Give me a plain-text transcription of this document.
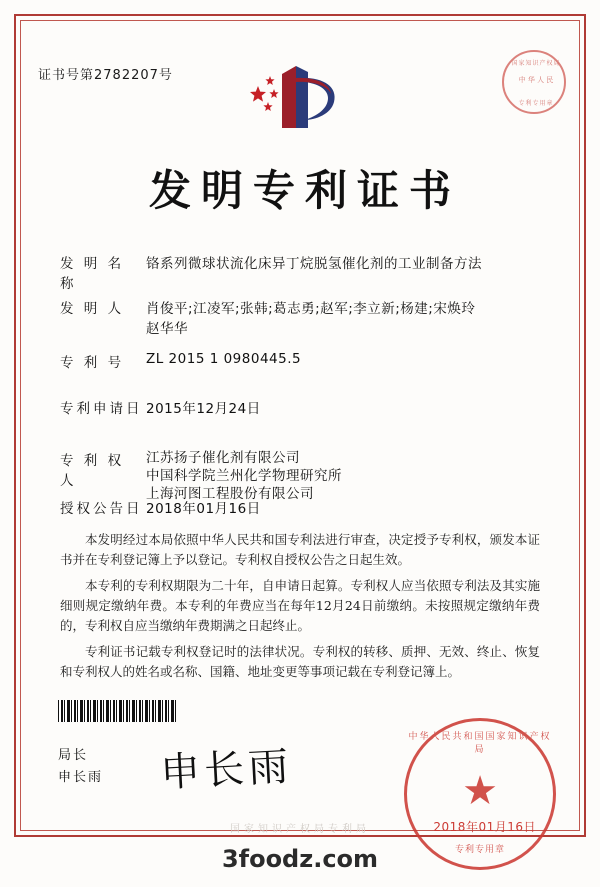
证书号第2782207号
国家知识产权局
中 华 人 民
专利专用章
发明专利证书
发 明 名 称铬系列微球状流化床异丁烷脱氢催化剂的工业制备方法
发 明 人 肖俊平;江凌军;张韩;葛志勇;赵军;李立新;杨建;宋焕玲
赵华华
专 利 号 ZL 2015 1 0980445.5
专利申请日 2015年12月24日
专 利 权 人
江苏扬子催化剂有限公司
中国科学院兰州化学物理研究所
上海河图工程股份有限公司
授权公告日 2018年01月16日

本发明经过本局依照中华人民共和国专利法进行审查，决定授予专利权，颁发本证书并在专利登记簿上予以登记。专利权自授权公告之日起生效。

本专利的专利权期限为二十年，自申请日起算。专利权人应当依照专利法及其实施细则规定缴纳年费。本专利的年费应当在每年12月24日前缴纳。未按照规定缴纳年费的，专利权自应当缴纳年费期满之日起终止。

专利证书记载专利权登记时的法律状况。专利权的转移、质押、无效、终止、恢复和专利权人的姓名或名称、国籍、地址变更等事项记载在专利登记簿上。

局长
申长雨 申长雨
中华人民共和国国家知识产权局
★
专利专用章
2018年01月16日
国家知识产权局专利局
3foodz.com
